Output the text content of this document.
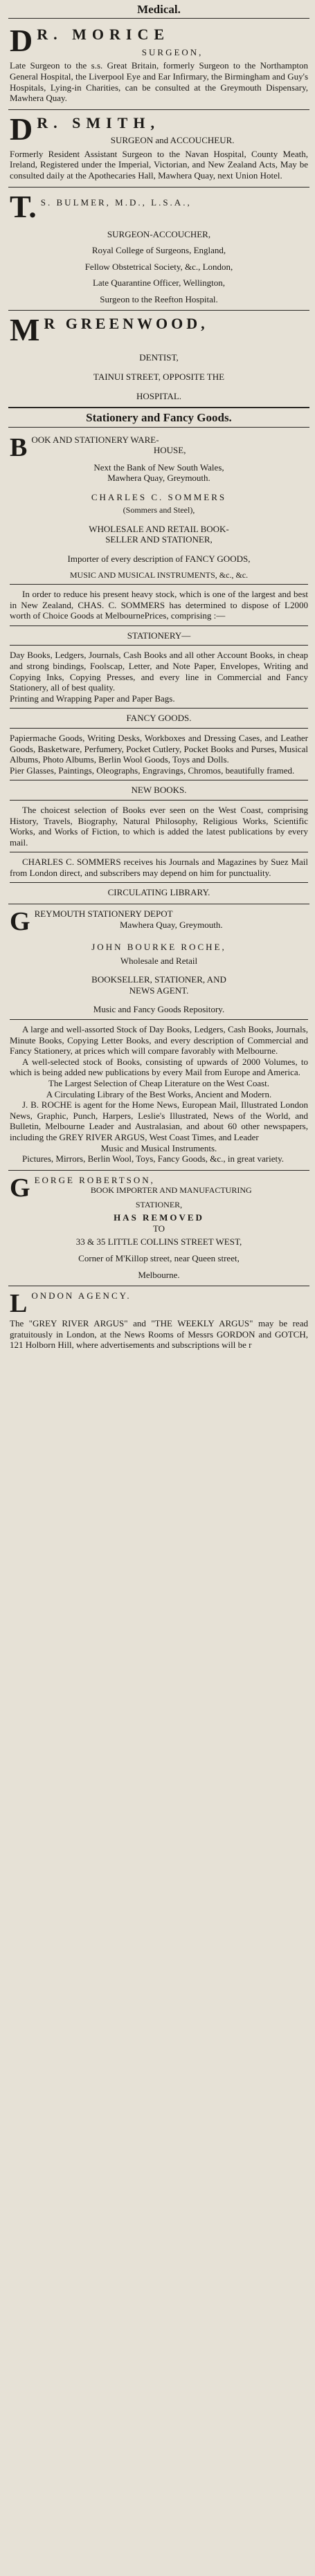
Medical.
D R. MORICE
SURGEON,

Late Surgeon to the s.s. Great Britain, formerly Surgeon to the Northampton General Hospital, the Liverpool Eye and Ear Infirmary, the Birmingham and Guy's Hospitals, Lying-in Charities, can be consulted at the Greymouth Dispensary, Mawhera Quay.

D R. SMITH,
SURGEON and ACCOUCHEUR.

Formerly Resident Assistant Surgeon to the Navan Hospital, County Meath, Ireland, Registered under the Imperial, Victorian, and New Zealand Acts, May be consulted daily at the Apothecaries Hall, Mawhera Quay, next Union Hotel.

T. S. BULMER, M.D., L.S.A.,
SURGEON-ACCOUCHER,
Royal College of Surgeons, England,
Fellow Obstetrical Society, &c., London,
Late Quarantine Officer, Wellington,
Surgeon to the Reefton Hospital.
M R GREENWOOD,
DENTIST,
TAINUI STREET, OPPOSITE THE
HOSPITAL.
Stationery and Fancy Goods.
B OOK AND STATIONERY WARE-
HOUSE,
Next the Bank of New South Wales,
Mawhera Quay, Greymouth.
CHARLES C. SOMMERS
(Sommers and Steel),
WHOLESALE AND RETAIL BOOK-
SELLER AND STATIONER,

Importer of every description of FANCY GOODS,

MUSIC AND MUSICAL INSTRUMENTS, &c., &c.

In order to reduce his present heavy stock, which is one of the largest and best in New Zealand, CHAS. C. SOMMERS has determined to dispose of L2000 worth of Choice Goods at MelbournePrices, comprising :—

STATIONERY—

Day Books, Ledgers, Journals, Cash Books and all other Account Books, in cheap and strong bindings, Foolscap, Letter, and Note Paper, Envelopes, Writing and Copying Inks, Copying Presses, and every line in Commercial and Fancy Stationery, all of best quality.

Printing and Wrapping Paper and Paper Bags.

FANCY GOODS.

Papiermache Goods, Writing Desks, Workboxes and Dressing Cases, and Leather Goods, Basketware, Perfumery, Pocket Cutlery, Pocket Books and Purses, Musical Albums, Photo Albums, Berlin Wool Goods, Toys and Dolls.

Pier Glasses, Paintings, Oleographs, Engravings, Chromos, beautifully framed.

NEW BOOKS.

The choicest selection of Books ever seen on the West Coast, comprising History, Travels, Biography, Natural Philosophy, Religious Works, Scientific Works, and Works of Fiction, to which is added the latest publications by every mail.

CHARLES C. SOMMERS receives his Journals and Magazines by Suez Mail from London direct, and subscribers may depend on him for punctuality.

CIRCULATING LIBRARY.
G REYMOUTH STATIONERY DEPOT
Mawhera Quay, Greymouth.
JOHN BOURKE ROCHE,
Wholesale and Retail
BOOKSELLER, STATIONER, AND
NEWS AGENT.
Music and Fancy Goods Repository.

A large and well-assorted Stock of Day Books, Ledgers, Cash Books, Journals, Minute Books, Copying Letter Books, and every description of Commercial and Fancy Stationery, at prices which will compare favorably with Melbourne.

A well-selected stock of Books, consisting of upwards of 2000 Volumes, to which is being added new publications by every Mail from Europe and America.

The Largest Selection of Cheap Literature on the West Coast.

A Circulating Library of the Best Works, Ancient and Modern.

J. B. ROCHE is agent for the Home News, European Mail, Illustrated London News, Graphic, Punch, Harpers, Leslie's Illustrated, News of the World, and Bulletin, Melbourne Leader and Australasian, and about 60 other newspapers, including the GREY RIVER ARGUS, West Coast Times, and Leader

Music and Musical Instruments.

Pictures, Mirrors, Berlin Wool, Toys, Fancy Goods, &c., in great variety.

G EORGE ROBERTSON,
BOOK IMPORTER AND MANUFACTURING
STATIONER,
HAS REMOVED
TO
33 & 35 LITTLE COLLINS STREET WEST,
Corner of M'Killop street, near Queen street,
Melbourne.
L ONDON AGENCY.

The "GREY RIVER ARGUS" and "THE WEEKLY ARGUS" may be read gratuitously in London, at the News Rooms of Messrs GORDON and GOTCH, 121 Holborn Hill, where advertisements and subscriptions will be r
